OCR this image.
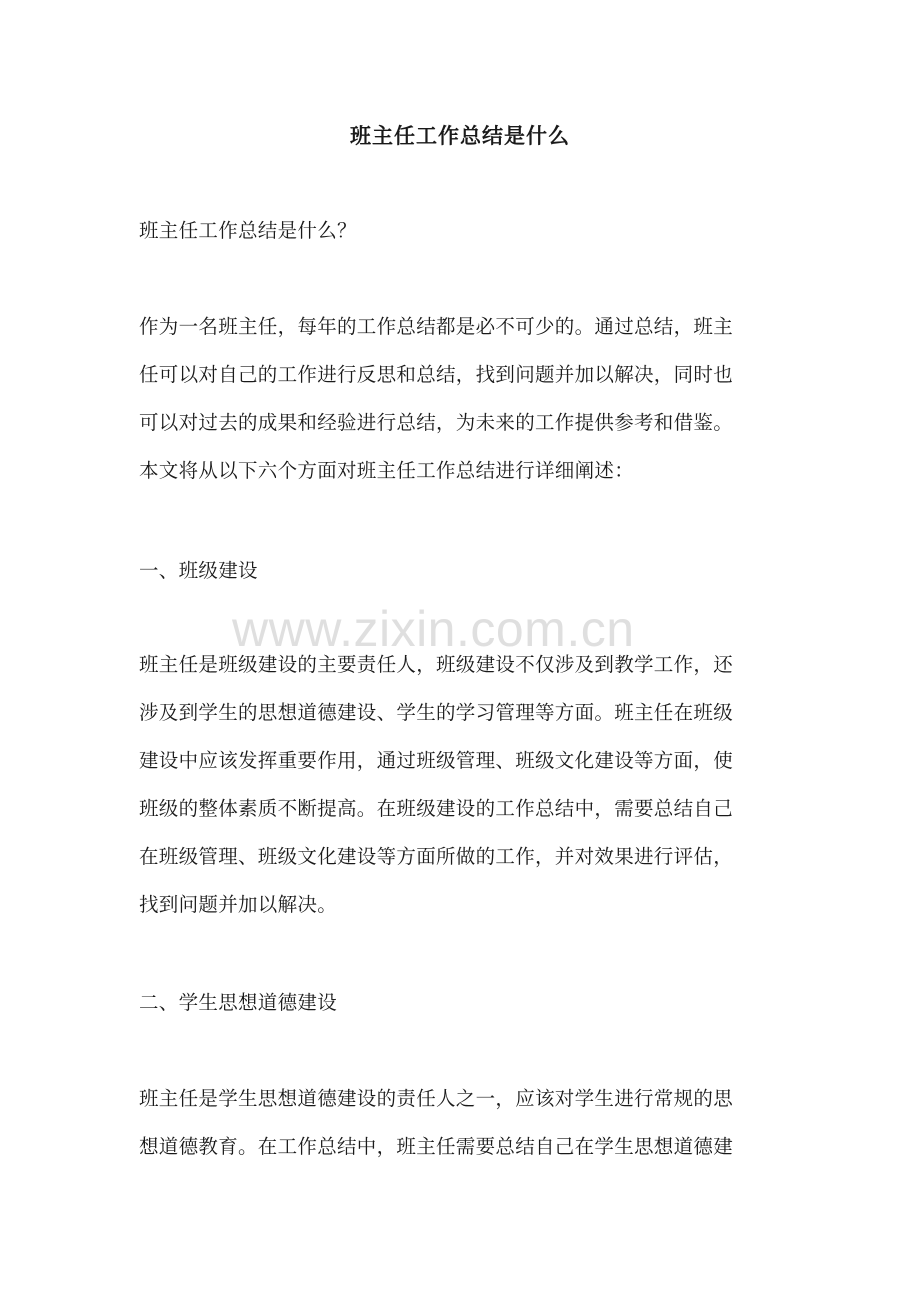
班主任工作总结是什么
班主任工作总结是什么？
作为一名班主任，每年的工作总结都是必不可少的。通过总结，班主
任可以对自己的工作进行反思和总结，找到问题并加以解决，同时也
可以对过去的成果和经验进行总结，为未来的工作提供参考和借鉴。
本文将从以下六个方面对班主任工作总结进行详细阐述：
一、班级建设
班主任是班级建设的主要责任人，班级建设不仅涉及到教学工作，还
涉及到学生的思想道德建设、学生的学习管理等方面。班主任在班级
建设中应该发挥重要作用，通过班级管理、班级文化建设等方面，使
班级的整体素质不断提高。在班级建设的工作总结中，需要总结自己
在班级管理、班级文化建设等方面所做的工作，并对效果进行评估，
找到问题并加以解决。
二、学生思想道德建设
班主任是学生思想道德建设的责任人之一，应该对学生进行常规的思
想道德教育。在工作总结中，班主任需要总结自己在学生思想道德建
www.zixin.com.cn
